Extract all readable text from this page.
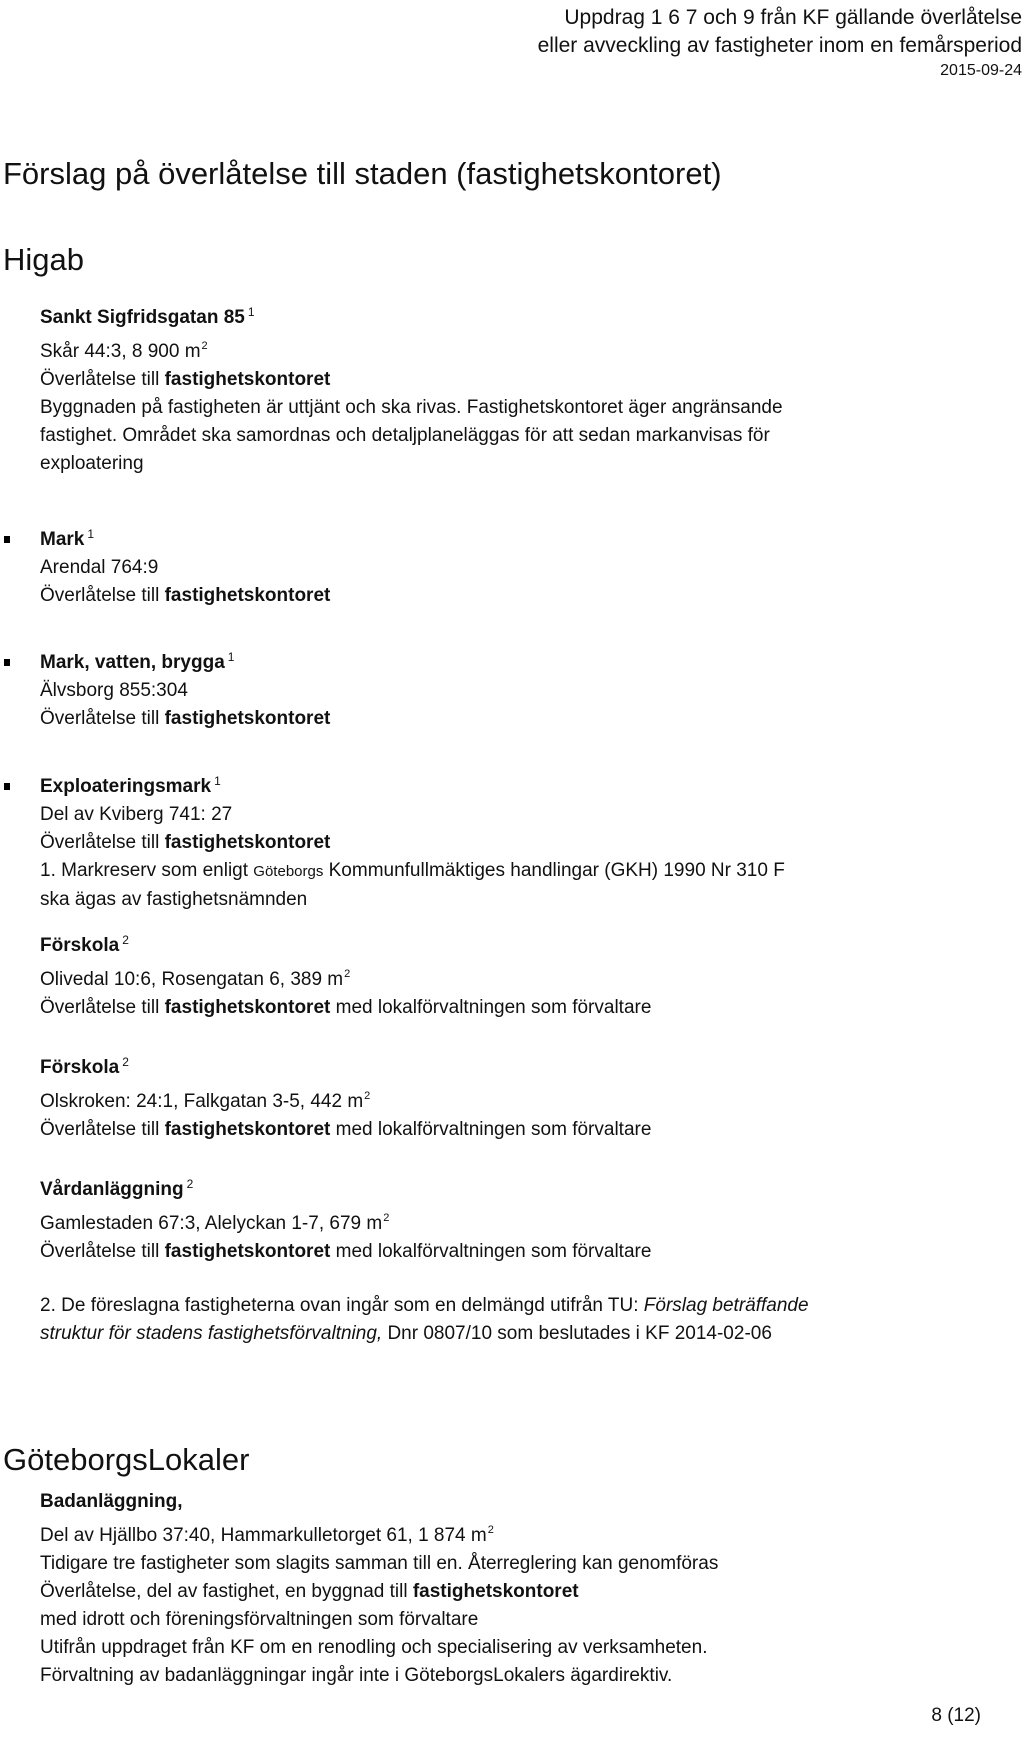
Uppdrag 1 6 7 och 9 från KF gällande överlåtelse
eller avveckling av fastigheter inom en femårsperiod
2015-09-24
Förslag på överlåtelse till staden (fastighetskontoret)
Higab
Sankt Sigfridsgatan 85 $^1$
Skår 44:3, 8 900 $m^2$
Överlåtelse till fastighetskontoret
Byggnaden på fastigheten är uttjänt och ska rivas. Fastighetskontoret äger angränsande
fastighet. Området ska samordnas och detaljplaneläggas för att sedan markanvisas för
exploatering
Mark $^1$
Arendal 764:9
Överlåtelse till fastighetskontoret
Mark, vatten, brygga $^1$
Älvsborg 855:304
Överlåtelse till fastighetskontoret
Exploateringsmark $^1$
Del av Kviberg 741: 27
Överlåtelse till fastighetskontoret
1. Markreserv som enligt Göteborgs Kommunfullmäktiges handlingar (GKH) 1990 Nr 310 F
ska ägas av fastighetsnämnden
Förskola $^2$
Olivedal 10:6, Rosengatan 6, 389 $m^2$
Överlåtelse till fastighetskontoret med lokalförvaltningen som förvaltare
Förskola $^2$
Olskroken: 24:1, Falkgatan 3-5, 442 $m^2$
Överlåtelse till fastighetskontoret med lokalförvaltningen som förvaltare
Vårdanläggning $^2$
Gamlestaden 67:3, Alelyckan 1-7, 679 $m^2$
Överlåtelse till fastighetskontoret med lokalförvaltningen som förvaltare
2. De föreslagna fastigheterna ovan ingår som en delmängd utifrån TU: Förslag beträffande
struktur för stadens fastighetsförvaltning, Dnr 0807/10 som beslutades i KF 2014-02-06
GöteborgsLokaler
Badanläggning,
Del av Hjällbo 37:40, Hammarkulletorget 61, 1 874 $m^2$
Tidigare tre fastigheter som slagits samman till en. Återreglering kan genomföras
Överlåtelse, del av fastighet, en byggnad till fastighetskontoret
med idrott och föreningsförvaltningen som förvaltare
Utifrån uppdraget från KF om en renodling och specialisering av verksamheten.
Förvaltning av badanläggningar ingår inte i GöteborgsLokalers ägardirektiv.
8 (12)
